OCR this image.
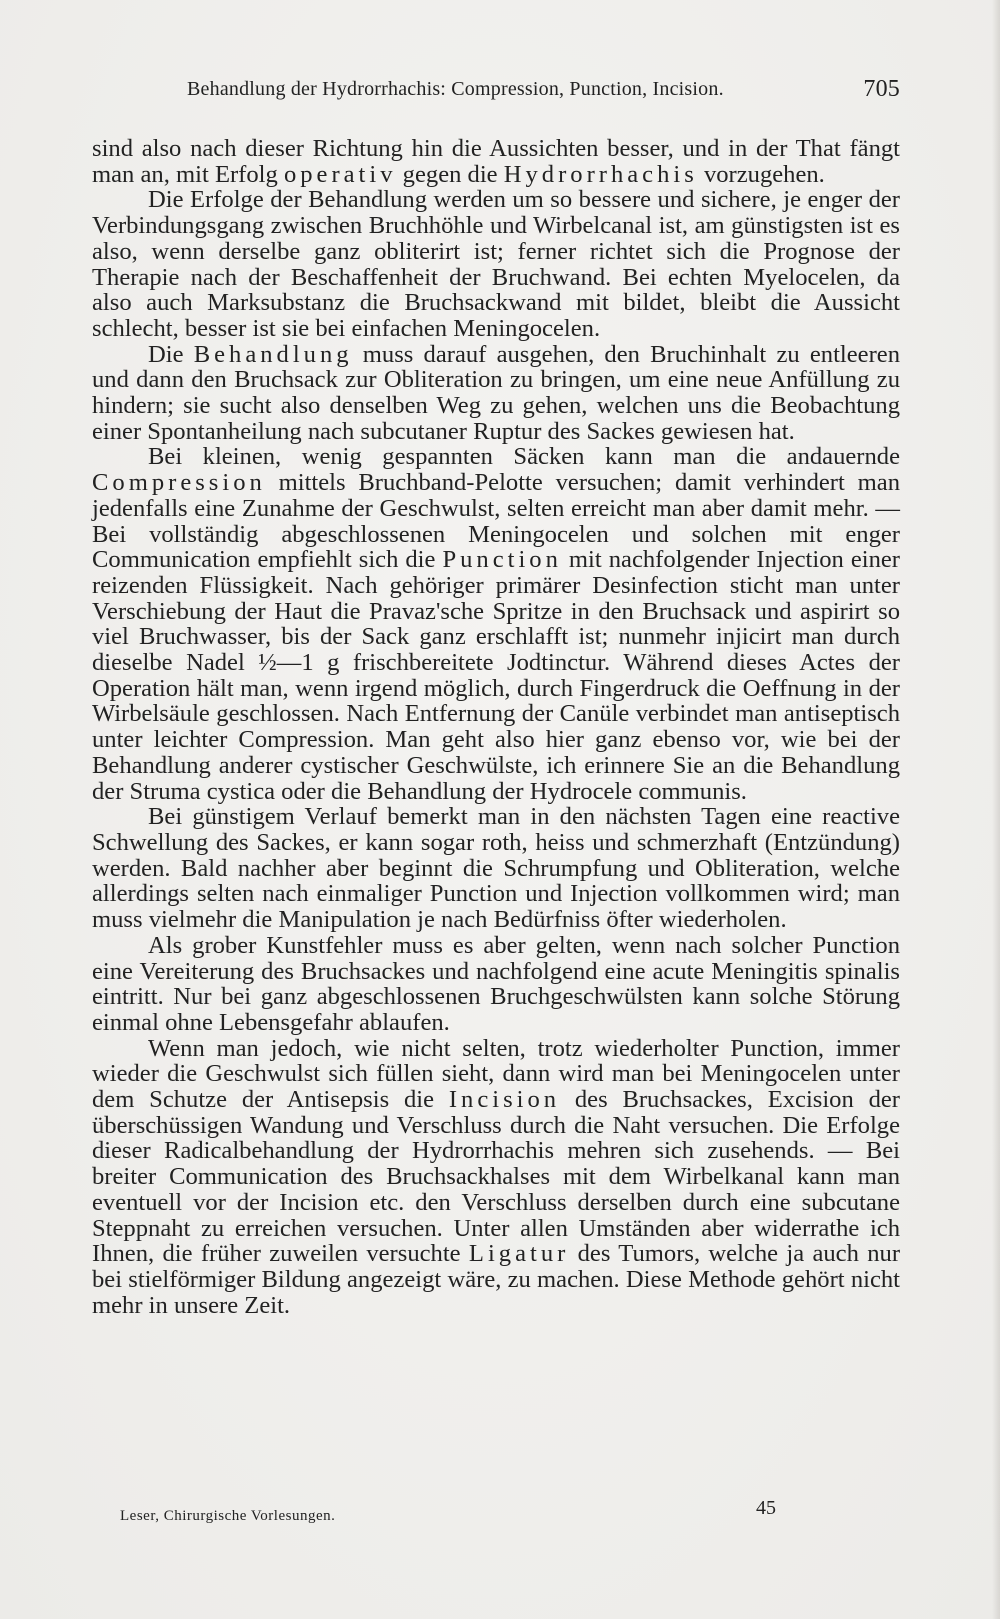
Behandlung der Hydrorrhachis: Compression, Punction, Incision.	705

sind also nach dieser Richtung hin die Aussichten besser, und in der That fängt man an, mit Erfolg operativ gegen die Hydrorrhachis vorzugehen.

Die Erfolge der Behandlung werden um so bessere und sichere, je enger der Verbindungsgang zwischen Bruchhöhle und Wirbelcanal ist, am günstigsten ist es also, wenn derselbe ganz obliterirt ist; ferner richtet sich die Prognose der Therapie nach der Beschaffenheit der Bruchwand. Bei echten Myelocelen, da also auch Marksubstanz die Bruchsackwand mit bildet, bleibt die Aussicht schlecht, besser ist sie bei einfachen Meningocelen.

Die Behandlung muss darauf ausgehen, den Bruchinhalt zu entleeren und dann den Bruchsack zur Obliteration zu bringen, um eine neue Anfüllung zu hindern; sie sucht also denselben Weg zu gehen, welchen uns die Beobachtung einer Spontanheilung nach subcutaner Ruptur des Sackes gewiesen hat.

Bei kleinen, wenig gespannten Säcken kann man die andauernde Compression mittels Bruchband-Pelotte versuchen; damit verhindert man jedenfalls eine Zunahme der Geschwulst, selten erreicht man aber damit mehr. — Bei vollständig abgeschlossenen Meningocelen und solchen mit enger Communication empfiehlt sich die Punction mit nachfolgender Injection einer reizenden Flüssigkeit. Nach gehöriger primärer Desinfection sticht man unter Verschiebung der Haut die Pravaz'sche Spritze in den Bruchsack und aspirirt so viel Bruchwasser, bis der Sack ganz erschlafft ist; nunmehr injicirt man durch dieselbe Nadel ½—1 g frischbereitete Jodtinctur. Während dieses Actes der Operation hält man, wenn irgend möglich, durch Fingerdruck die Oeffnung in der Wirbelsäule geschlossen. Nach Entfernung der Canüle verbindet man antiseptisch unter leichter Compression. Man geht also hier ganz ebenso vor, wie bei der Behandlung anderer cystischer Geschwülste, ich erinnere Sie an die Behandlung der Struma cystica oder die Behandlung der Hydrocele communis.

Bei günstigem Verlauf bemerkt man in den nächsten Tagen eine reactive Schwellung des Sackes, er kann sogar roth, heiss und schmerzhaft (Entzündung) werden. Bald nachher aber beginnt die Schrumpfung und Obliteration, welche allerdings selten nach einmaliger Punction und Injection vollkommen wird; man muss vielmehr die Manipulation je nach Bedürfniss öfter wiederholen.

Als grober Kunstfehler muss es aber gelten, wenn nach solcher Punction eine Vereiterung des Bruchsackes und nachfolgend eine acute Meningitis spinalis eintritt. Nur bei ganz abgeschlossenen Bruchgeschwülsten kann solche Störung einmal ohne Lebensgefahr ablaufen.

Wenn man jedoch, wie nicht selten, trotz wiederholter Punction, immer wieder die Geschwulst sich füllen sieht, dann wird man bei Meningocelen unter dem Schutze der Antisepsis die Incision des Bruchsackes, Excision der überschüssigen Wandung und Verschluss durch die Naht versuchen. Die Erfolge dieser Radicalbehandlung der Hydrorrhachis mehren sich zusehends. — Bei breiter Communication des Bruchsackhalses mit dem Wirbelkanal kann man eventuell vor der Incision etc. den Verschluss derselben durch eine subcutane Steppnaht zu erreichen versuchen. Unter allen Umständen aber widerrathe ich Ihnen, die früher zuweilen versuchte Ligatur des Tumors, welche ja auch nur bei stielförmiger Bildung angezeigt wäre, zu machen. Diese Methode gehört nicht mehr in unsere Zeit.

Leser, Chirurgische Vorlesungen.	45
